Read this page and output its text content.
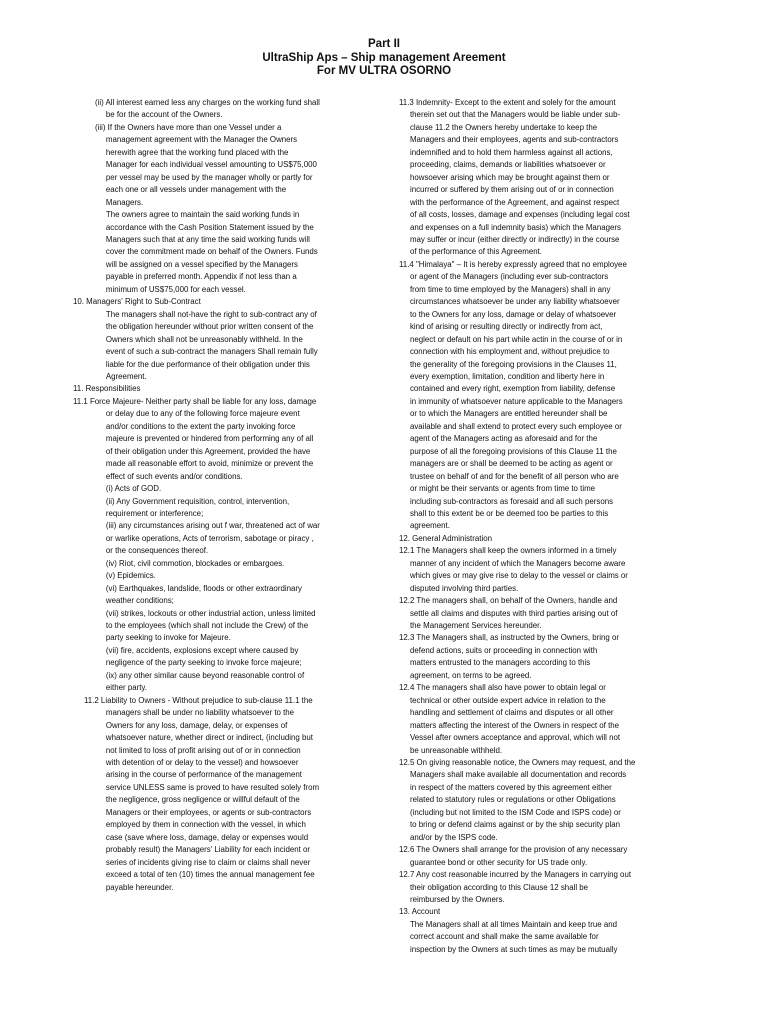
Part II
UltraShip Aps – Ship management Areement
For MV ULTRA OSORNO

(ii) All interest earned less any charges on the working fund shall
be for the account of the Owners.

(iii) If the Owners have more than one Vessel under a
management agreement with the Manager the Owners
herewith agree that the working fund placed with the
Manager for each individual vessel amounting to US$75,000
per vessel may be used by the manager wholly or partly for
each one or all vessels under management with the
Managers.
The owners agree to maintain the said working funds in
accordance with the Cash Position Statement issued by the
Managers such that at any time the said working funds will
cover the commitment made on behalf of the Owners. Funds
will be assigned on a vessel specified by the Managers
payable in preferred month. Appendix if not less than a
minimum of US$75,000 for each vessel.

10. Managers' Right to Sub-Contract
The managers shall not-have the right to sub-contract any of
the obligation hereunder without prior written consent of the
Owners which shall not be unreasonably withheld. In the
event of such a sub-contract the managers Shall remain fully
liable for the due performance of their obligation under this
Agreement.

11. Responsibilities
11.1 Force Majeure- Neither party shall be liable for any loss, damage
or delay due to any of the following force majeure event
and/or conditions to the extent the party invoking force
majeure is prevented or hindered from performing any of all
of their obligation under this Agreement, provided the have
made all reasonable effort to avoid, minimize or prevent the
effect of such events and/or conditions.
(i) Acts of GOD.
(ii) Any Government requisition, control, intervention,
requirement or interference;
(iii) any circumstances arising out f war, threatened act of war
or warlike operations, Acts of terrorism, sabotage or piracy ,
or the consequences thereof.
(iv) Riot, civil commotion, blockades or embargoes.
(v) Epidemics.
(vi) Earthquakes, landslide, floods or other extraordinary
weather conditions;
(vii) strikes, lockouts or other industrial action, unless limited
to the employees (which shall not include the Crew) of the
party seeking to invoke for Majeure.
(vii) fire, accidents, explosions except where caused by
negligence of the party seeking to invoke force majeure;
(ix) any other similar cause beyond reasonable control of
either party.

11.2 Liability to Owners - Without prejudice to sub-clause 11.1 the
managers shall be under no liability whatsoever to the
Owners for any loss, damage, delay, or expenses of
whatsoever nature, whether direct or indirect, (including but
not limited to loss of profit arising out of or in connection
with detention of or delay to the vessel) and howsoever
arising in the course of performance of the management
service UNLESS same is proved to have resulted solely from
the negligence, gross negligence or willful default of the
Managers or their employees, or agents or sub-contractors
employed by them in connection with the vessel, in which
case (save where loss, damage, delay or expenses would
probably result) the Managers' Liability for each incident or
series of incidents giving rise to claim or claims shall never
exceed a total of ten (10) times the annual management fee
payable hereunder.

11.3 Indemnity- Except to the extent and solely for the amount
therein set out that the Managers would be liable under sub-
clause 11.2 the Owners hereby undertake to keep the
Managers and their employees, agents and sub-contractors
indemnified and to hold them harmless against all actions,
proceeding, claims, demands or liabilities whatsoever or
howsoever arising which may be brought against them or
incurred or suffered by them arising out of or in connection
with the performance of the Agreement, and against respect
of all costs, losses, damage and expenses (including legal cost
and expenses on a full indemnity basis) which the Managers
may suffer or incur (either directly or indirectly) in the course
of the performance of this Agreement.

11.4 "Himalaya" – It is hereby expressly agreed that no employee
or agent of the Managers (including ever sub-contractors
from time to time employed by the Managers) shall in any
circumstances whatsoever be under any liability whatsoever
to the Owners for any loss, damage or delay of whatsoever
kind of arising or resulting directly or indirectly from act,
neglect or default on his part while actin in the course of or in
connection with his employment and, without prejudice to
the generality of the foregoing provisions in the Clauses 11,
every exemption, limitation, condition and liberty here in
contained and every right, exemption from liability, defense
in immunity of whatsoever nature applicable to the Managers
or to which the Managers are entitled hereunder shall be
available and shall extend to protect every such employee or
agent of the Managers acting as aforesaid and for the
purpose of all the foregoing provisions of this Clause 11 the
managers are or shall be deemed to be acting as agent or
trustee on behalf of and for the benefit of all person who are
or might be their servants or agents from time to time
including sub-contractors as foresaid and all such persons
shall to this extent be or be deemed too be parties to this
agreement.

12. General Administration
12.1 The Managers shall keep the owners informed in a timely
manner of any incident of which the Managers become aware
which gives or may give rise to delay to the vessel or claims or
disputed involving third parties.

12.2 The managers shall, on behalf of the Owners, handle and
settle all claims and disputes with third parties arising out of
the Management Services hereunder.

12.3 The Managers shall, as instructed by the Owners, bring or
defend actions, suits or proceeding in connection with
matters entrusted to the managers according to this
agreement, on terms to be agreed.

12.4 The managers shall also have power to obtain legal or
technical or other outside expert advice in relation to the
handling and settlement of claims and disputes or all other
matters affecting the interest of the Owners in respect of the
Vessel after owners acceptance and approval, which will not
be unreasonable withheld.

12.5 On giving reasonable notice, the Owners may request, and the
Managers shall make available all documentation and records
in respect of the matters covered by this agreement either
related to statutory rules or regulations or other Obligations
(including but not limited to the ISM Code and ISPS code) or
to bring or defend claims against or by the ship security plan
and/or by the ISPS code.

12.6 The Owners shall arrange for the provision of any necessary
guarantee bond or other security for US trade only.

12.7 Any cost reasonable incurred by the Managers in carrying out
their obligation according to this Clause 12 shall be
reimbursed by the Owners.

13. Account
The Managers shall at all times Maintain and keep true and
correct account and shall make the same available for
inspection by the Owners at such times as may be mutually
